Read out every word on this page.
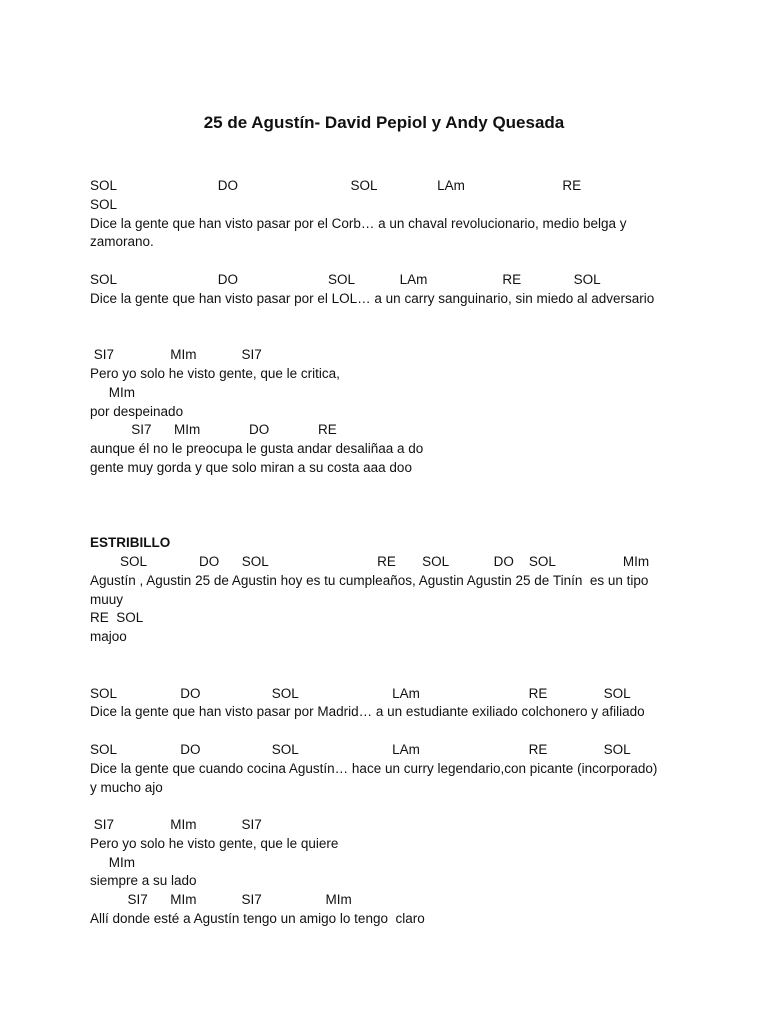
25 de Agustín- David Pepiol y Andy Quesada
SOL                           DO                              SOL                LAm                          RE
SOL
Dice la gente que han visto pasar por el Corb… a un chaval revolucionario, medio belga y
zamorano.
SOL                           DO                        SOL            LAm                    RE              SOL
Dice la gente que han visto pasar por el LOL… a un carry sanguinario, sin miedo al adversario
SI7               MIm            SI7
Pero yo solo he visto gente, que le critica,
MIm
por despeinado
SI7      MIm             DO             RE
aunque él no le preocupa le gusta andar desaliñaa a do
gente muy gorda y que solo miran a su costa aaa doo
ESTRIBILLO
SOL              DO      SOL                             RE       SOL            DO    SOL                  MIm
Agustín , Agustin 25 de Agustin hoy es tu cumpleaños, Agustin Agustin 25 de Tinín  es un tipo
muuy
RE  SOL
majoo
SOL                 DO                   SOL                         LAm                             RE               SOL
Dice la gente que han visto pasar por Madrid… a un estudiante exiliado colchonero y afiliado
SOL                 DO                   SOL                         LAm                             RE               SOL
Dice la gente que cuando cocina Agustín… hace un curry legendario,con picante (incorporado)
y mucho ajo
SI7               MIm            SI7
Pero yo solo he visto gente, que le quiere
MIm
siempre a su lado
SI7      MIm            SI7                 MIm
Allí donde esté a Agustín tengo un amigo lo tengo  claro
